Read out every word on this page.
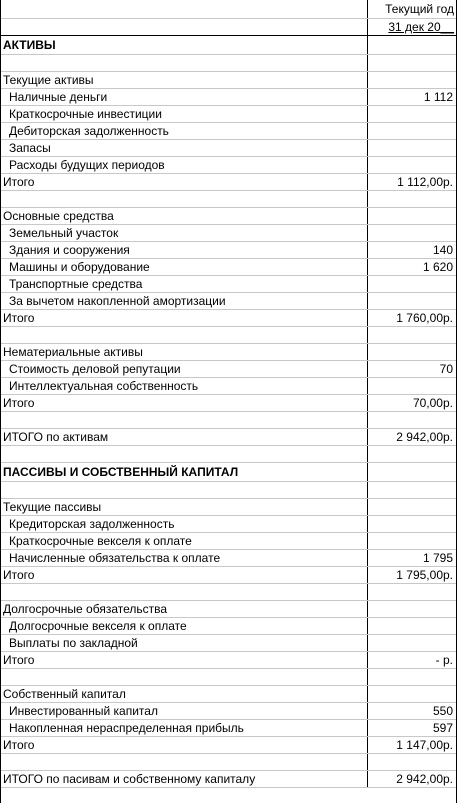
Текущий год
31 дек 20__
АКТИВЫ
Текущие активы
Наличные деньги	1 112
Краткосрочные инвестиции
Дебиторская задолженность
Запасы
Расходы будущих периодов
Итого	1 112,00р.
Основные средства
Земельный участок
Здания и сооружения	140
Машины и оборудование	1 620
Транспортные средства
За вычетом накопленной амортизации
Итого	1 760,00р.
Нематериальные активы
Стоимость деловой репутации	70
Интеллектуальная собственность
Итого	70,00р.
ИТОГО по активам	2 942,00р.
ПАССИВЫ И СОБСТВЕННЫЙ КАПИТАЛ
Текущие пассивы
Кредиторская задолженность
Краткосрочные векселя к оплате
Начисленные обязательства к оплате	1 795
Итого	1 795,00р.
Долгосрочные обязательства
Долгосрочные векселя к оплате
Выплаты по закладной
Итого	- р.
Собственный капитал
Инвестированный капитал	550
Накопленная нераспределенная прибыль	597
Итого	1 147,00р.
ИТОГО по пасивам и собственному капиталу	2 942,00р.
